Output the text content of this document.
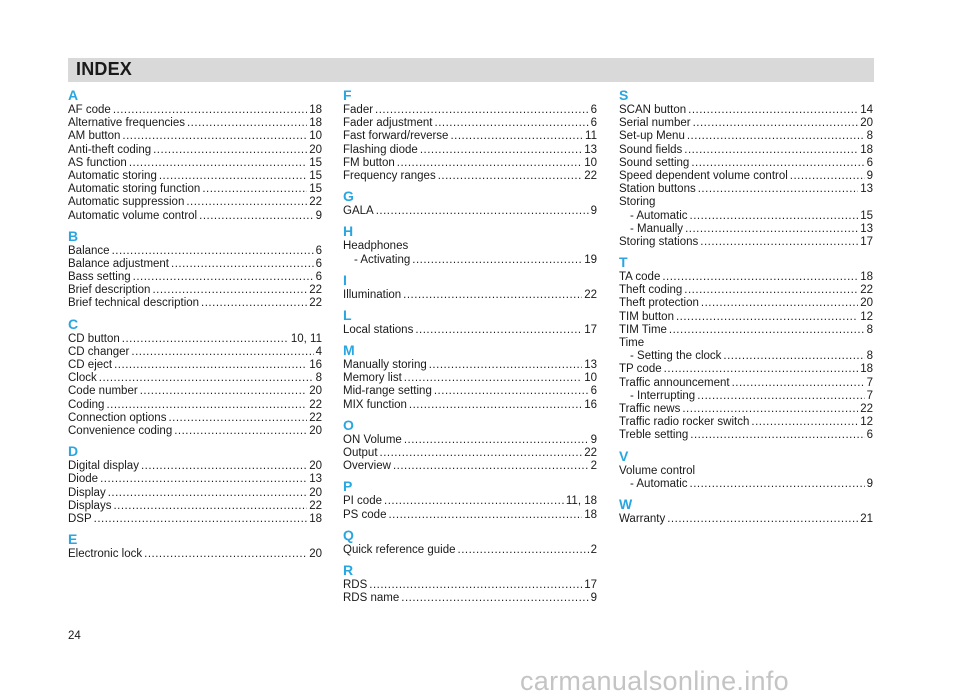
INDEX
A
AF code .....	18
Alternative frequencies .....	18
AM button .....	10
Anti-theft coding .....	20
AS function .....	15
Automatic storing .....	15
Automatic storing function .....	15
Automatic suppression .....	22
Automatic volume control .....	9
B
Balance .....	6
Balance adjustment .....	6
Bass setting .....	6
Brief description .....	22
Brief technical description .....	22
C
CD button .....	10, 11
CD changer .....	4
CD eject .....	16
Clock .....	8
Code number .....	20
Coding .....	22
Connection options .....	22
Convenience coding .....	20
D
Digital display .....	20
Diode .....	13
Display .....	20
Displays .....	22
DSP .....	18
E
Electronic lock .....	20
F
Fader .....	6
Fader adjustment .....	6
Fast forward/reverse .....	11
Flashing diode .....	13
FM button .....	10
Frequency ranges .....	22
G
GALA .....	9
H
Headphones
- Activating .....	19
I
Illumination .....	22
L
Local stations .....	17
M
Manually storing .....	13
Memory list .....	10
Mid-range setting .....	6
MIX function .....	16
O
ON Volume .....	9
Output .....	22
Overview .....	2
P
PI code .....	11, 18
PS code .....	18
Q
Quick reference guide .....	2
R
RDS .....	17
RDS name .....	9
S
SCAN button .....	14
Serial number .....	20
Set-up Menu .....	8
Sound fields .....	18
Sound setting .....	6
Speed dependent volume control .....	9
Station buttons .....	13
Storing
- Automatic .....	15
- Manually .....	13
Storing stations .....	17
T
TA code .....	18
Theft coding .....	22
Theft protection .....	20
TIM button .....	12
TIM Time .....	8
Time
- Setting the clock .....	8
TP code .....	18
Traffic announcement .....	7
- Interrupting .....	7
Traffic news .....	22
Traffic radio rocker switch .....	12
Treble setting .....	6
V
Volume control
- Automatic .....	9
W
Warranty .....	21
24
carmanualsonline.info
